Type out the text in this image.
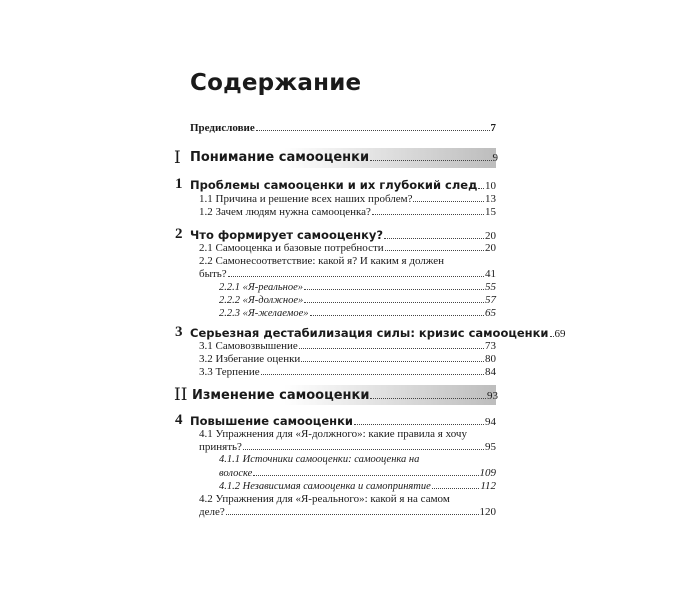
Содержание
Предисловие	7
I Понимание самооценки	9
1 Проблемы самооценки и их глубокий след 10
1.1 Причина и решение всех наших проблем?	13
1.2 Зачем людям нужна самооценка?	15
2 Что формирует самооценку?	20
2.1 Самооценка и базовые потребности	20
2.2 Самонесоответствие: какой я? И каким я должен
быть?	41
2.2.1 «Я-реальное»	55
2.2.2 «Я-должное»	57
2.2.3 «Я-желаемое»	65
3 Серьезная дестабилизация силы: кризис самооценки 69
3.1 Самовозвышение	73
3.2 Избегание оценки	80
3.3 Терпение	84
II Изменение самооценки	93
4 Повышение самооценки	94
4.1 Упражнения для «Я-должного»: какие правила я хочу
принять?	95
4.1.1 Источники самооценки: самооценка на
волоске	109
4.1.2 Независимая самооценка и самопринятие	112
4.2 Упражнения для «Я-реального»: какой я на самом
деле?	120
